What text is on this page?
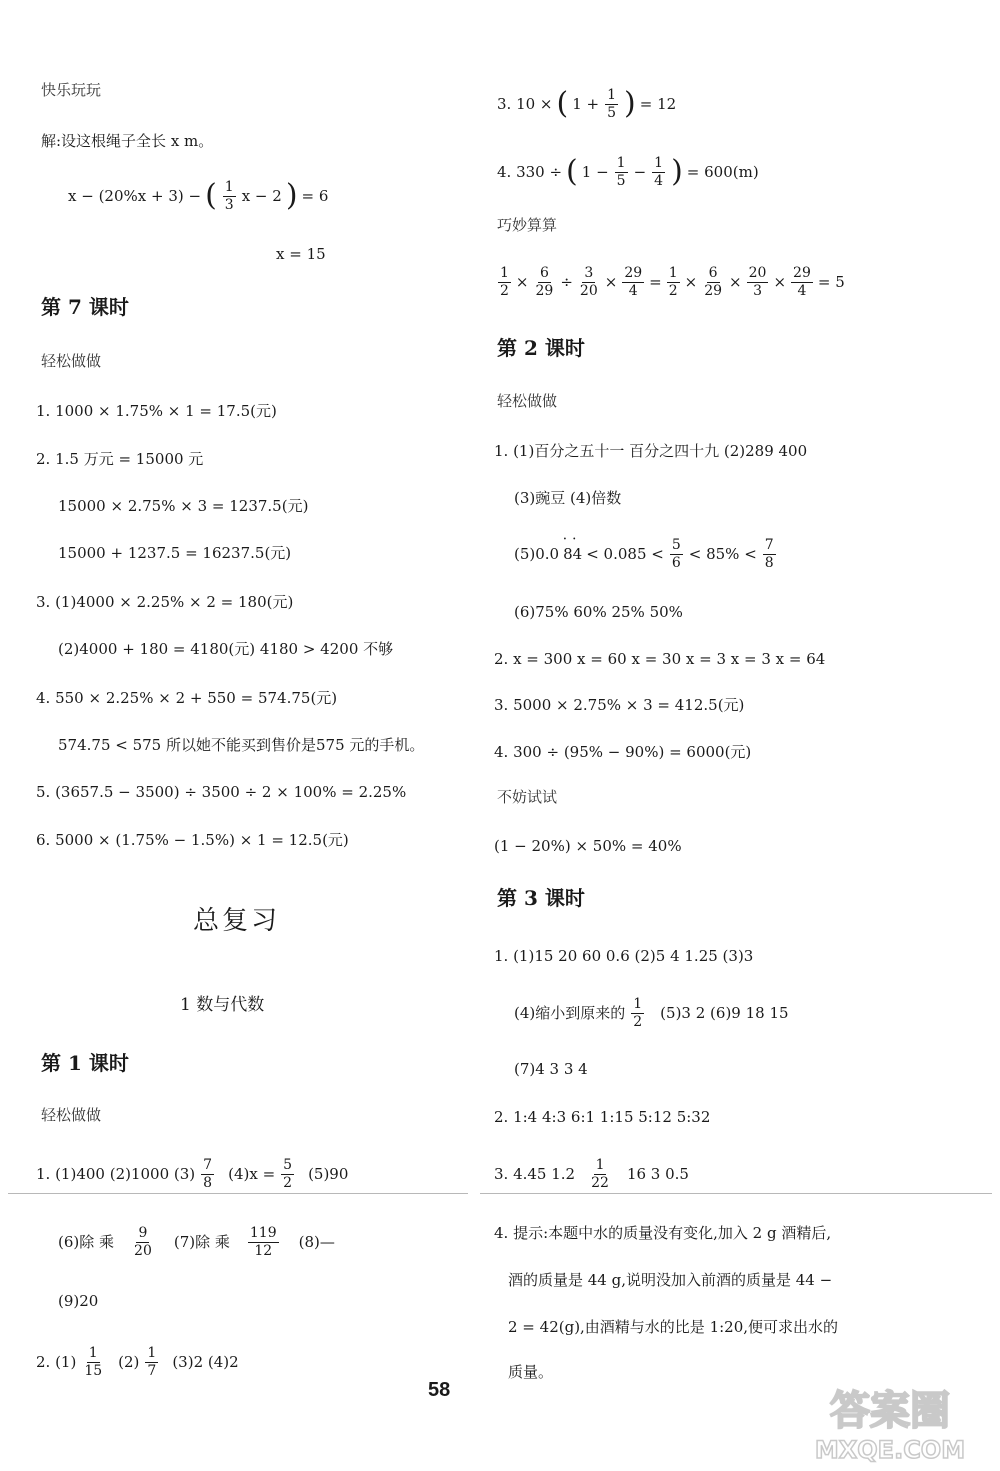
快乐玩玩
解:设这根绳子全长 x m。
x − (20%x + 3) − ( $\frac{1}{3}$ x − 2 ) = 6
x = 15
第 7 课时
轻松做做
1. 1000 × 1.75% × 1 = 17.5(元)
2. 1.5 万元 = 15000 元
15000 × 2.75% × 3 = 1237.5(元)
15000 + 1237.5 = 16237.5(元)
3. (1)4000 × 2.25% × 2 = 180(元)
(2)4000 + 180 = 4180(元) 4180 > 4200 不够
4. 550 × 2.25% × 2 + 550 = 574.75(元)
574.75 < 575 所以她不能买到售价是575 元的手机。
5. (3657.5 − 3500) ÷ 3500 ÷ 2 × 100% = 2.25%
6. 5000 × (1.75% − 1.5%) × 1 = 12.5(元)
总复习
1 数与代数
第 1 课时
轻松做做
1. (1)400 (2)1000 $(3) \frac{7}{8} (4)x = \frac{5}{2} (5)90$
(6)除 乘 $\frac{9}{20} (7)$除 乘 $\frac{119}{12}$ (8)—
(9)20
2. $(1) \frac{1}{15} (2) \frac{1}{7} (3)2$ (4)2
3. 10 × ( $1 + \frac{1}{5}$ ) = 12
4. 330 ÷ ( $1 - \frac{1}{5} - \frac{1}{4}$ ) = 600(m)
巧妙算算
$\frac{1}{2} \times \frac{6}{29} \div \frac{3}{20} \times \frac{29}{4} = \frac{1}{2} \times \frac{6}{29} \times \frac{20}{3} \times \frac{29}{4} = 5$
第 2 课时
轻松做做
1. (1)百分之五十一 百分之四十九 (2)289 400
(3)豌豆 (4)倍数
(5)0.0
• • $84 < 0.085 < \frac{5}{6} < 85\% < \frac{7}{8}$
(6)75% 60% 25% 50%
2. x = 300 x = 60 x = 30 x = 3 x = 3 x = 64
3. 5000 × 2.75% × 3 = 412.5(元)
4. 300 ÷ (95% − 90%) = 6000(元)
不妨试试
(1 − 20%) × 50% = 40%
第 3 课时
1. (1)15 20 60 0.6 (2)5 4 1.25 (3)3
(4)缩小到原来的 $\frac{1}{2} (5)3$ 2 (6)9 18 15
(7)4 3 3 4
2. 1:4 4:3 6:1 1:15 5:12 5:32
3. 4.45 $1.2 \frac{1}{22} 16$ 3 0.5
4. 提示:本题中水的质量没有变化,加入 2 g 酒精后,
酒的质量是 44 g,说明没加入前酒的质量是 44 −
2 = 42(g),由酒精与水的比是 1:20,便可求出水的
质量。
58	答案圈
MXQE.COM
